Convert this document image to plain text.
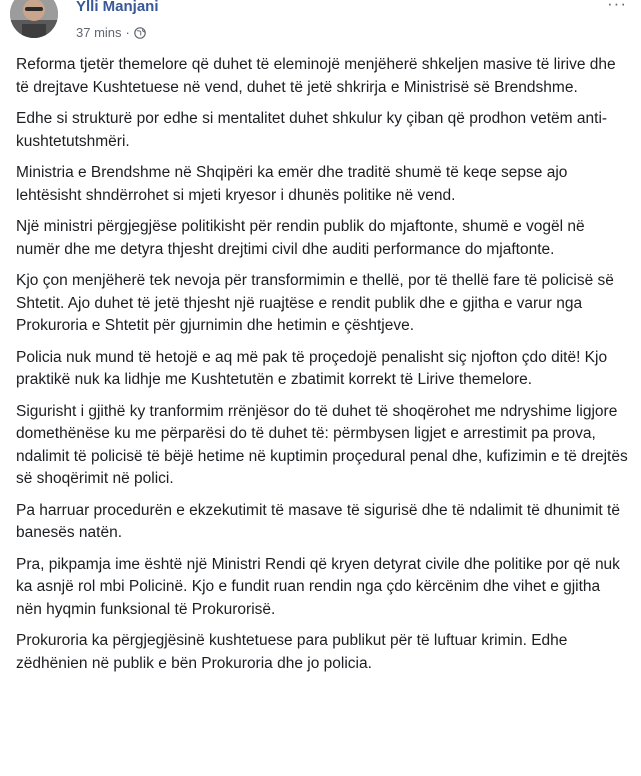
Ylli Manjani
37 mins ·
···

Reforma tjetër themelore që duhet të eleminojë menjëherë shkeljen masive të lirive dhe të drejtave Kushtetuese në vend, duhet të jetë shkrirja e Ministrisë së Brendshme.

Edhe si strukturë por edhe si mentalitet duhet shkulur ky çiban që prodhon vetëm anti-kushtetutshmëri.

Ministria e Brendshme në Shqipëri ka emër dhe traditë shumë të keqe sepse ajo lehtësisht shndërrohet si mjeti kryesor i dhunës politike në vend.

Një ministri përgjegjëse politikisht për rendin publik do mjaftonte, shumë e vogël në numër dhe me detyra thjesht drejtimi civil dhe auditi performance do mjaftonte.

Kjo çon menjëherë tek nevoja për transformimin e thellë, por të thellë fare të policisë së Shtetit. Ajo duhet të jetë thjesht një ruajtëse e rendit publik dhe e gjitha e varur nga Prokuroria e Shtetit për gjurnimin dhe hetimin e çështjeve.

Policia nuk mund të hetojë e aq më pak të proçedojë penalisht siç njofton çdo ditë! Kjo praktikë nuk ka lidhje me Kushtetutën e zbatimit korrekt të Lirive themelore.

Sigurisht i gjithë ky tranformim rrënjësor do të duhet të shoqërohet me ndryshime ligjore domethënëse ku me përparësi do të duhet të: përmbysen ligjet e arrestimit pa prova, ndalimit të policisë të bëjë hetime në kuptimin proçedural penal dhe, kufizimin e të drejtës së shoqërimit në polici.

Pa harruar procedurën e ekzekutimit të masave të sigurisë dhe të ndalimit të dhunimit të banesës natën.

Pra, pikpamja ime është një Ministri Rendi që kryen detyrat civile dhe politike por që nuk ka asnjë rol mbi Policinë. Kjo e fundit ruan rendin nga çdo kërcënim dhe vihet e gjitha nën hyqmin funksional të Prokurorisë.

Prokuroria ka përgjegjësinë kushtetuese para publikut për të luftuar krimin. Edhe zëdhënien në publik e bën Prokuroria dhe jo policia.
